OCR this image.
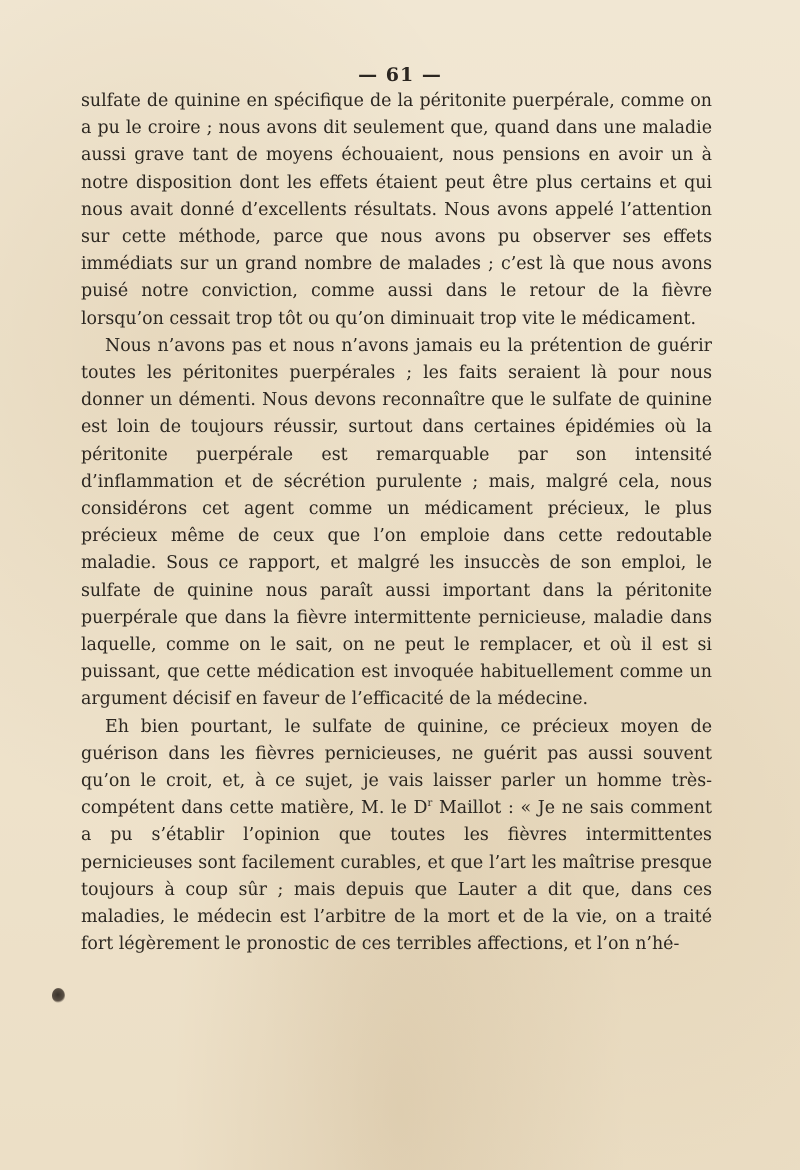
— 61 —

sulfate de quinine en spécifique de la péritonite puerpérale, comme on a pu le croire ; nous avons dit seulement que, quand dans une maladie aussi grave tant de moyens échouaient, nous pensions en avoir un à notre disposition dont les effets étaient peut être plus certains et qui nous avait donné d’excellents résultats. Nous avons appelé l’attention sur cette méthode, parce que nous avons pu observer ses effets immédiats sur un grand nombre de malades ; c’est là que nous avons puisé notre conviction, comme aussi dans le retour de la fièvre lorsqu’on cessait trop tôt ou qu’on diminuait trop vite le médicament.

Nous n’avons pas et nous n’avons jamais eu la prétention de guérir toutes les péritonites puerpérales ; les faits seraient là pour nous donner un démenti. Nous devons reconnaître que le sulfate de quinine est loin de toujours réussir, surtout dans certaines épidémies où la péritonite puerpérale est remarquable par son intensité d’inflammation et de sécrétion purulente ; mais, malgré cela, nous considérons cet agent comme un médicament précieux, le plus précieux même de ceux que l’on emploie dans cette redoutable maladie. Sous ce rapport, et malgré les insuccès de son emploi, le sulfate de quinine nous paraît aussi important dans la péritonite puerpérale que dans la fièvre intermittente pernicieuse, maladie dans laquelle, comme on le sait, on ne peut le remplacer, et où il est si puissant, que cette médication est invoquée habituellement comme un argument décisif en faveur de l’efficacité de la médecine.

Eh bien pourtant, le sulfate de quinine, ce précieux moyen de guérison dans les fièvres pernicieuses, ne guérit pas aussi souvent qu’on le croit, et, à ce sujet, je vais laisser parler un homme très-compétent dans cette matière, M. le $D^r$ Maillot : « Je ne sais comment a pu s’établir l’opinion que toutes les fièvres intermittentes pernicieuses sont facilement curables, et que l’art les maîtrise presque toujours à coup sûr ; mais depuis que Lauter a dit que, dans ces maladies, le médecin est l’arbitre de la mort et de la vie, on a traité fort légèrement le pronostic de ces terribles affections, et l’on n’hé-
